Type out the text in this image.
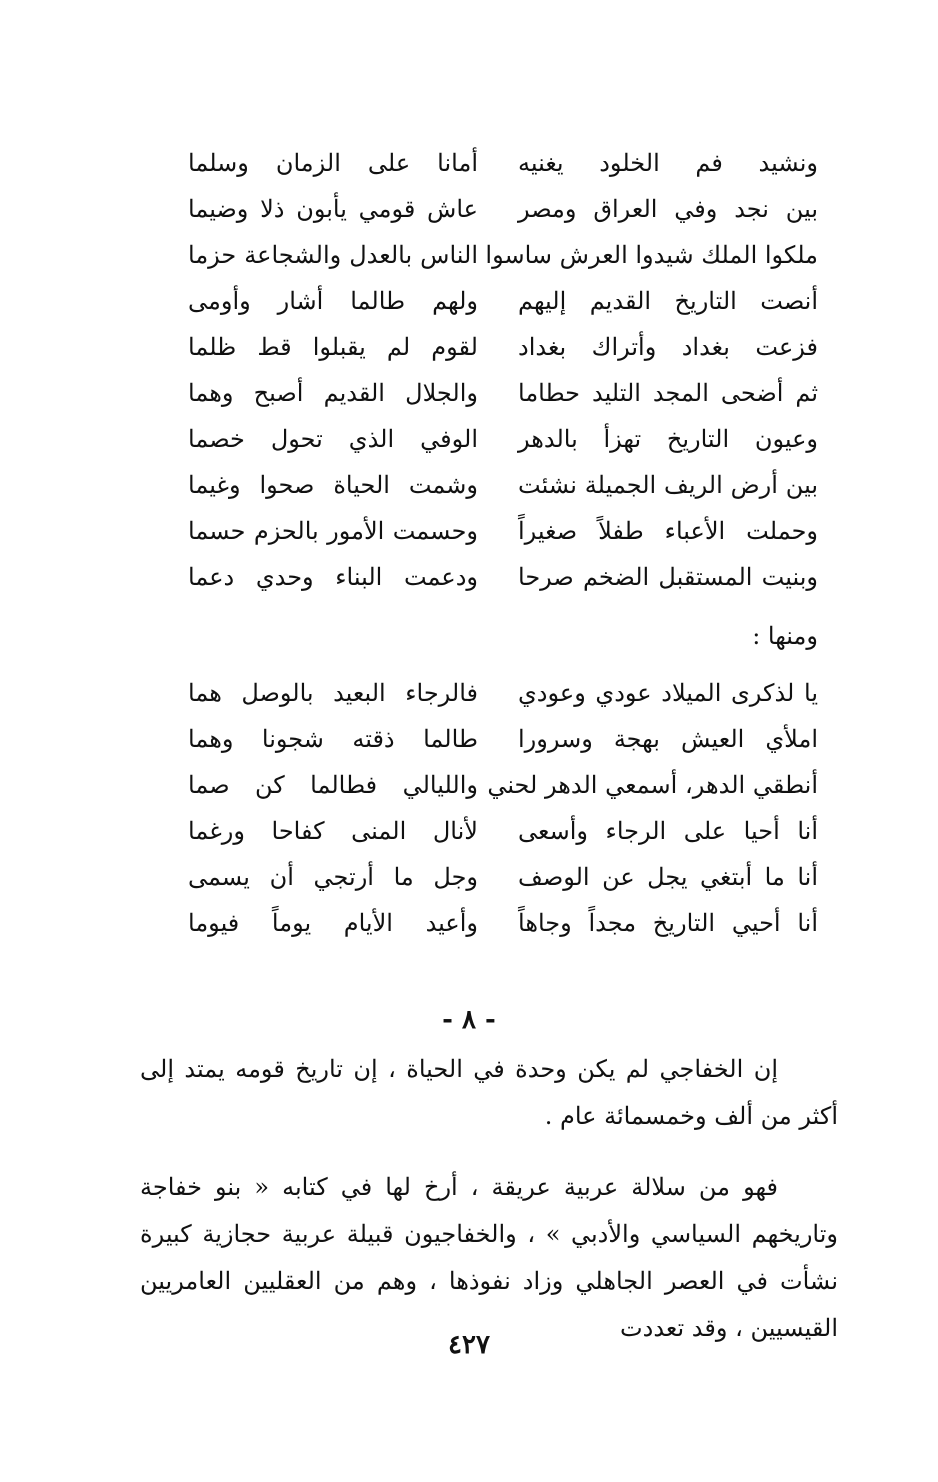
ونشيد فم الخلود يغنيه
أمانا على الزمان وسلما
بين نجد وفي العراق ومصر
عاش قومي يأبون ذلا وضيما
ملكوا الملك شيدوا العرش ساسوا
الناس بالعدل والشجاعة حزما
أنصت التاريخ القديم إليهم
ولهم طالما أشار وأومى
فزعت بغداد وأتراك بغداد
لقوم لم يقبلوا قط ظلما
ثم أضحى المجد التليد حطاما
والجلال القديم أصبح وهما
وعيون التاريخ تهزأ بالدهر
الوفي الذي تحول خصما
بين أرض الريف الجميلة نشئت
وشمت الحياة صحوا وغيما
وحملت الأعباء طفلاً صغيراً
وحسمت الأمور بالحزم حسما
وبنيت المستقبل الضخم صرحا
ودعمت البناء وحدي دعما
ومنها :
يا لذكرى الميلاد عودي وعودي
فالرجاء البعيد بالوصل هما
املأي العيش بهجة وسرورا
طالما ذقته شجونا وهما
أنطقي الدهر، أسمعي الدهر لحني
والليالي فطالما كن صما
أنا أحيا على الرجاء وأسعى
لأنال المنى كفاحا ورغما
أنا ما أبتغي يجل عن الوصف
وجل ما أرتجي أن يسمى
أنا أحيي التاريخ مجداً وجاهاً
وأعيد الأيام يوماً فيوما
- ٨ -

إن الخفاجي لم يكن وحدة في الحياة ، إن تاريخ قومه يمتد إلى أكثر من ألف وخمسمائة عام .

فهو من سلالة عربية عريقة ، أرخ لها في كتابه « بنو خفاجة وتاريخهم السياسي والأدبي » ، والخفاجيون قبيلة عربية حجازية كبيرة نشأت في العصر الجاهلي وزاد نفوذها ، وهم من العقليين العامريين القيسيين ، وقد تعددت

٤٢٧
